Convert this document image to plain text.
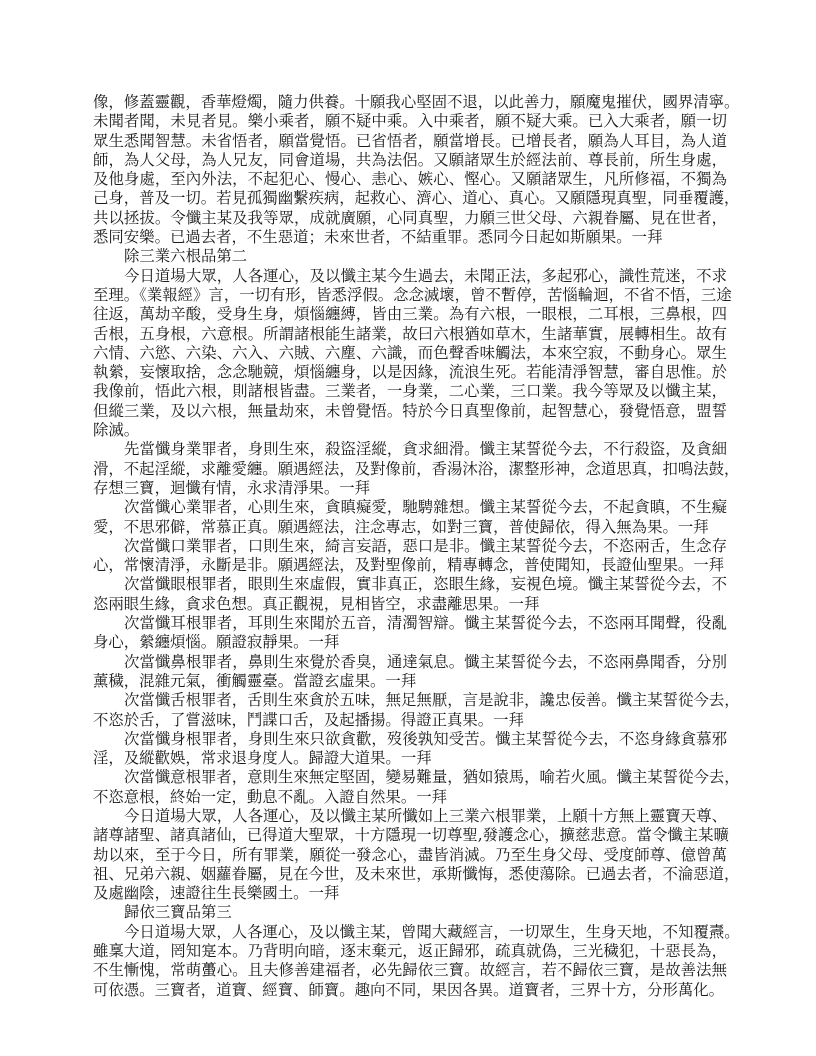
像，修蓋靈觀，香華燈燭，隨力供養。十願我心堅固不退，以此善力，願魔鬼摧伏，國界清寧。
未聞者聞，未見者見。樂小乘者，願不疑中乘。入中乘者，願不疑大乘。已入大乘者，願一切
眾生悉聞智慧。未省悟者，願當覺悟。已省悟者，願當增長。已增長者，願為人耳目，為人道
師，為人父母，為人兄友，同會道場，共為法侶。又願諸眾生於經法前、尊長前，所生身處，
及他身處，至內外法，不起犯心、慢心、恚心、嫉心、慳心。又願諸眾生，凡所修福，不獨為
己身，普及一切。若見孤獨幽繫疾病，起救心、濟心、道心、真心。又願隱現真聖，同垂覆護，
共以拯拔。令懺主某及我等眾，成就廣願，心同真聖，力願三世父母、六親眷屬、見在世者，
悉同安樂。已過去者，不生惡道；未來世者，不結重罪。悉同今日起如斯願果。一拜
除三業六根品第二
今日道場大眾，人各運心，及以懺主某今生過去，未聞正法，多起邪心，識性荒迷，不求
至理。《業報經》言，一切有形，皆悉浮假。念念滅壞，曾不暫停，苦惱輪迴，不省不悟，三途
往返，萬劫辛酸，受身生身，煩惱纏縛，皆由三業。為有六根，一眼根，二耳根，三鼻根，四
舌根，五身根，六意根。所謂諸根能生諸業，故曰六根猶如草木，生諸華實，展轉相生。故有
六情、六慾、六染、六入、六賊、六塵、六識，而色聲香味觸法，本來空寂，不動身心。眾生
執縈，妄懷取捨，念念馳競，煩惱纏身，以是因緣，流浪生死。若能清淨智慧，審自思惟。於
我像前，悟此六根，則諸根皆盡。三業者，一身業，二心業，三口業。我今等眾及以懺主某，
但縱三業，及以六根，無量劫來，未曾覺悟。特於今日真聖像前，起智慧心，發覺悟意，盟誓
除滅。
先當懺身業罪者，身則生來，殺盜淫縱，貪求細滑。懺主某誓從今去，不行殺盜，及貪細
滑，不起淫縱，求離愛纏。願遇經法，及對像前，香湯沐浴，潔整形神，念道思真，扣鳴法鼓，
存想三寶，迴懺有情，永求清淨果。一拜
次當懺心業罪者，心則生來，貪瞋癡愛，馳騁雜想。懺主某誓從今去，不起貪瞋，不生癡
愛，不思邪僻，常慕正真。願遇經法，注念專志，如對三寶，普使歸依，得入無為果。一拜
次當懺口業罪者，口則生來，綺言妄語，惡口是非。懺主某誓從今去，不恣兩舌，生念存
心，常懷清淨，永斷是非。願遇經法，及對聖像前，精專轉念，普使聞知，長證仙聖果。一拜
次當懺眼根罪者，眼則生來虛假，實非真正，恣眼生緣，妄視色境。懺主某誓從今去，不
恣兩眼生緣，貪求色想。真正觀視，見相皆空，求盡離思果。一拜
次當懺耳根罪者，耳則生來聞於五音，清濁智辯。懺主某誓從今去，不恣兩耳聞聲，役亂
身心，縈纏煩惱。願證寂靜果。一拜
次當懺鼻根罪者，鼻則生來覺於香臭，通達氣息。懺主某誓從今去，不恣兩鼻聞香，分別
薰穢，混雜元氣，衝觸靈臺。當證玄虛果。一拜
次當懺舌根罪者，舌則生來貪於五味，無足無厭，言是說非，讒忠佞善。懺主某誓從今去，
不恣於舌，了嘗滋味，鬥諜口舌，及起播揚。得證正真果。一拜
次當懺身根罪者，身則生來只欲貪歡，歿後孰知受苦。懺主某誓從今去，不恣身緣貪慕邪
淫，及縱歡娛，常求退身度人。歸證大道果。一拜
次當懺意根罪者，意則生來無定堅固，變易難量，猶如猿馬，喻若火風。懺主某誓從今去，
不恣意根，終始一定，動息不亂。入證自然果。一拜
今日道場大眾，人各運心，及以懺主某所懺如上三業六根罪業，上願十方無上靈寶天尊、
諸尊諸聖、諸真諸仙，已得道大聖眾，十方隱現一切尊聖,發護念心，擴慈悲意。當令懺主某曠
劫以來，至于今日，所有罪業，願從一發念心，盡皆消滅。乃至生身父母、受度師尊、億曾萬
祖、兄弟六親、姻蘿眷屬，見在今世，及未來世，承斯懺悔，悉使蕩除。已過去者，不淪惡道，
及處幽陰，速證往生長樂國土。一拜
歸依三寶品第三
今日道場大眾，人各運心，及以懺主某，曾聞大藏經言，一切眾生，生身天地，不知覆燾。
雖稟大道，罔知寔本。乃背明向暗，逐末棄元，返正歸邪，疏真就偽，三光穢犯，十惡長為，
不生慚愧，常萌蠆心。且夫修善建福者，必先歸依三寶。故經言，若不歸依三寶，是故善法無
可依憑。三寶者，道寶、經寶、師寶。趣向不同，果因各異。道寶者，三界十方，分形萬化。
